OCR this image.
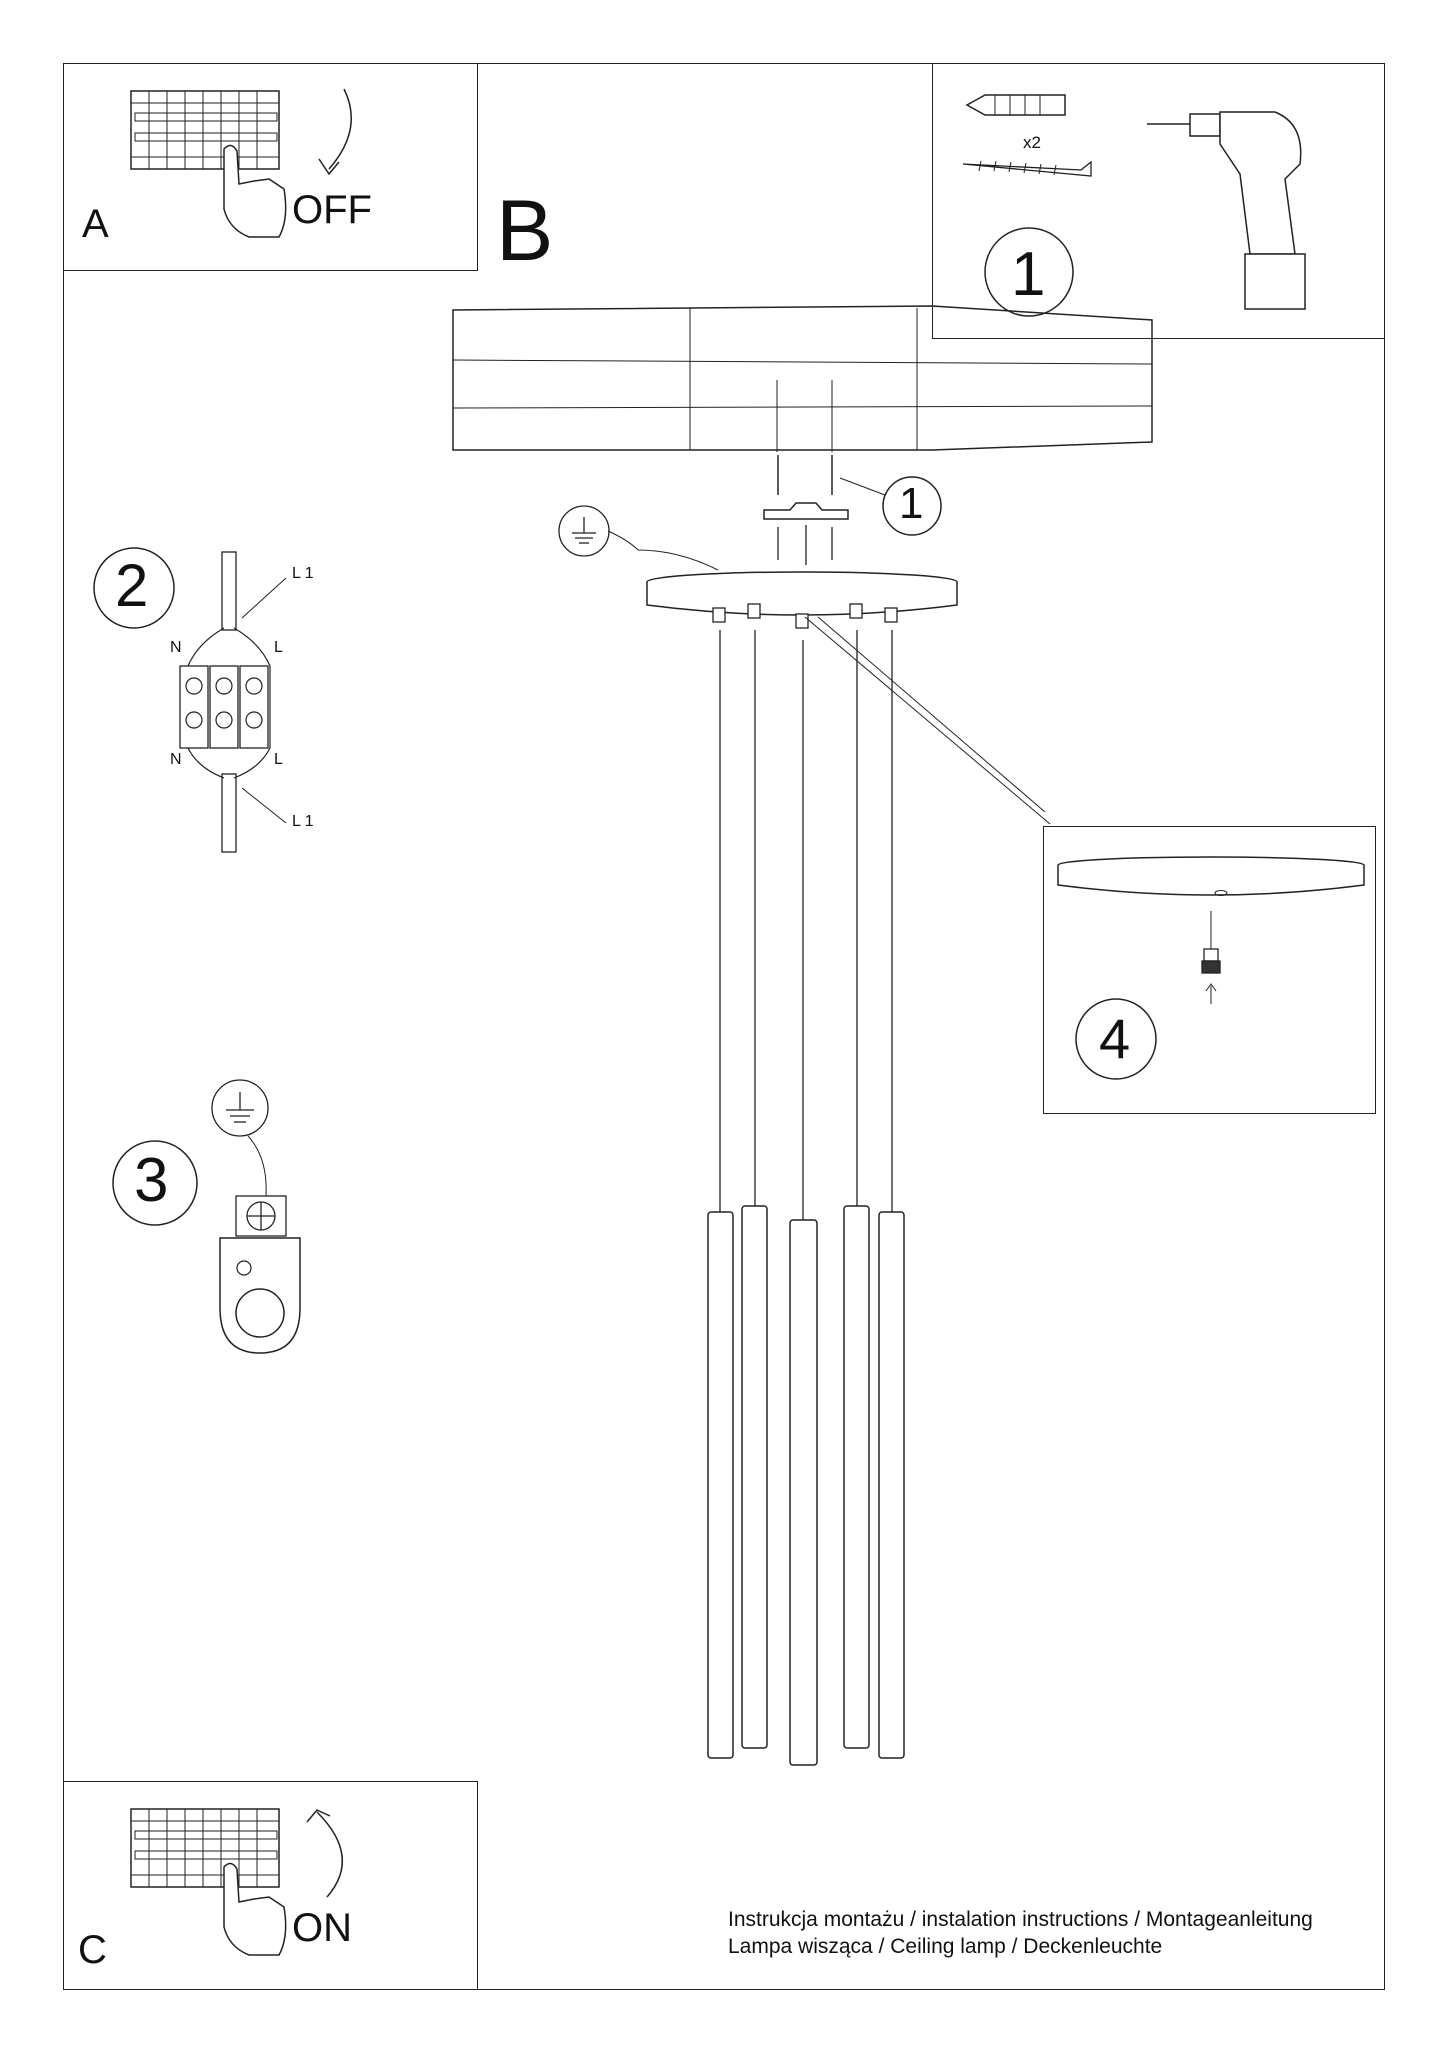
A	OFF
x2
1
B
1
4
2	L 1
N	L
N	L
L 1
3
C	ON	Instrukcja montażu / instalation instructions / Montageanleitung
Lampa wisząca / Ceiling lamp / Deckenleuchte
